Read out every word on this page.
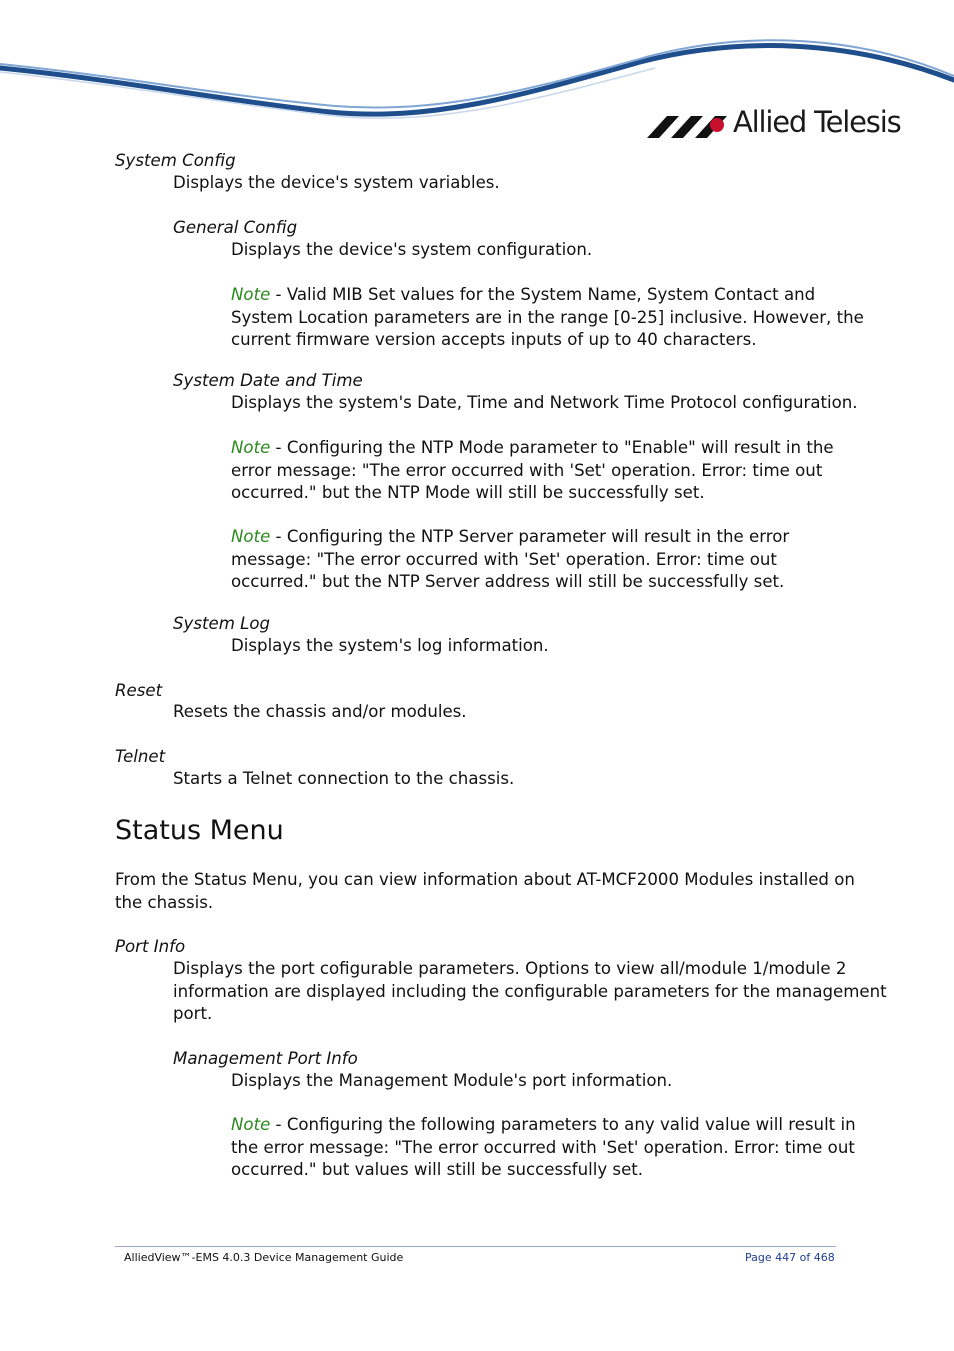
Allied Telesis
System Config
Displays the device's system variables.
General Config
Displays the device's system configuration.
Note - Valid MIB Set values for the System Name, System Contact and
System Location parameters are in the range [0-25] inclusive. However, the
current firmware version accepts inputs of up to 40 characters.
System Date and Time
Displays the system's Date, Time and Network Time Protocol configuration.
Note - Configuring the NTP Mode parameter to "Enable" will result in the
error message: "The error occurred with 'Set' operation. Error: time out
occurred." but the NTP Mode will still be successfully set.
Note - Configuring the NTP Server parameter will result in the error
message: "The error occurred with 'Set' operation. Error: time out
occurred." but the NTP Server address will still be successfully set.
System Log
Displays the system's log information.
Reset
Resets the chassis and/or modules.
Telnet
Starts a Telnet connection to the chassis.
Status Menu
From the Status Menu, you can view information about AT-MCF2000 Modules installed on
the chassis.
Port Info
Displays the port cofigurable parameters. Options to view all/module 1/module 2
information are displayed including the configurable parameters for the management
port.
Management Port Info
Displays the Management Module's port information.
Note - Configuring the following parameters to any valid value will result in
the error message: "The error occurred with 'Set' operation. Error: time out
occurred." but values will still be successfully set.
AlliedView™-EMS 4.0.3 Device Management Guide	Page 447 of 468
